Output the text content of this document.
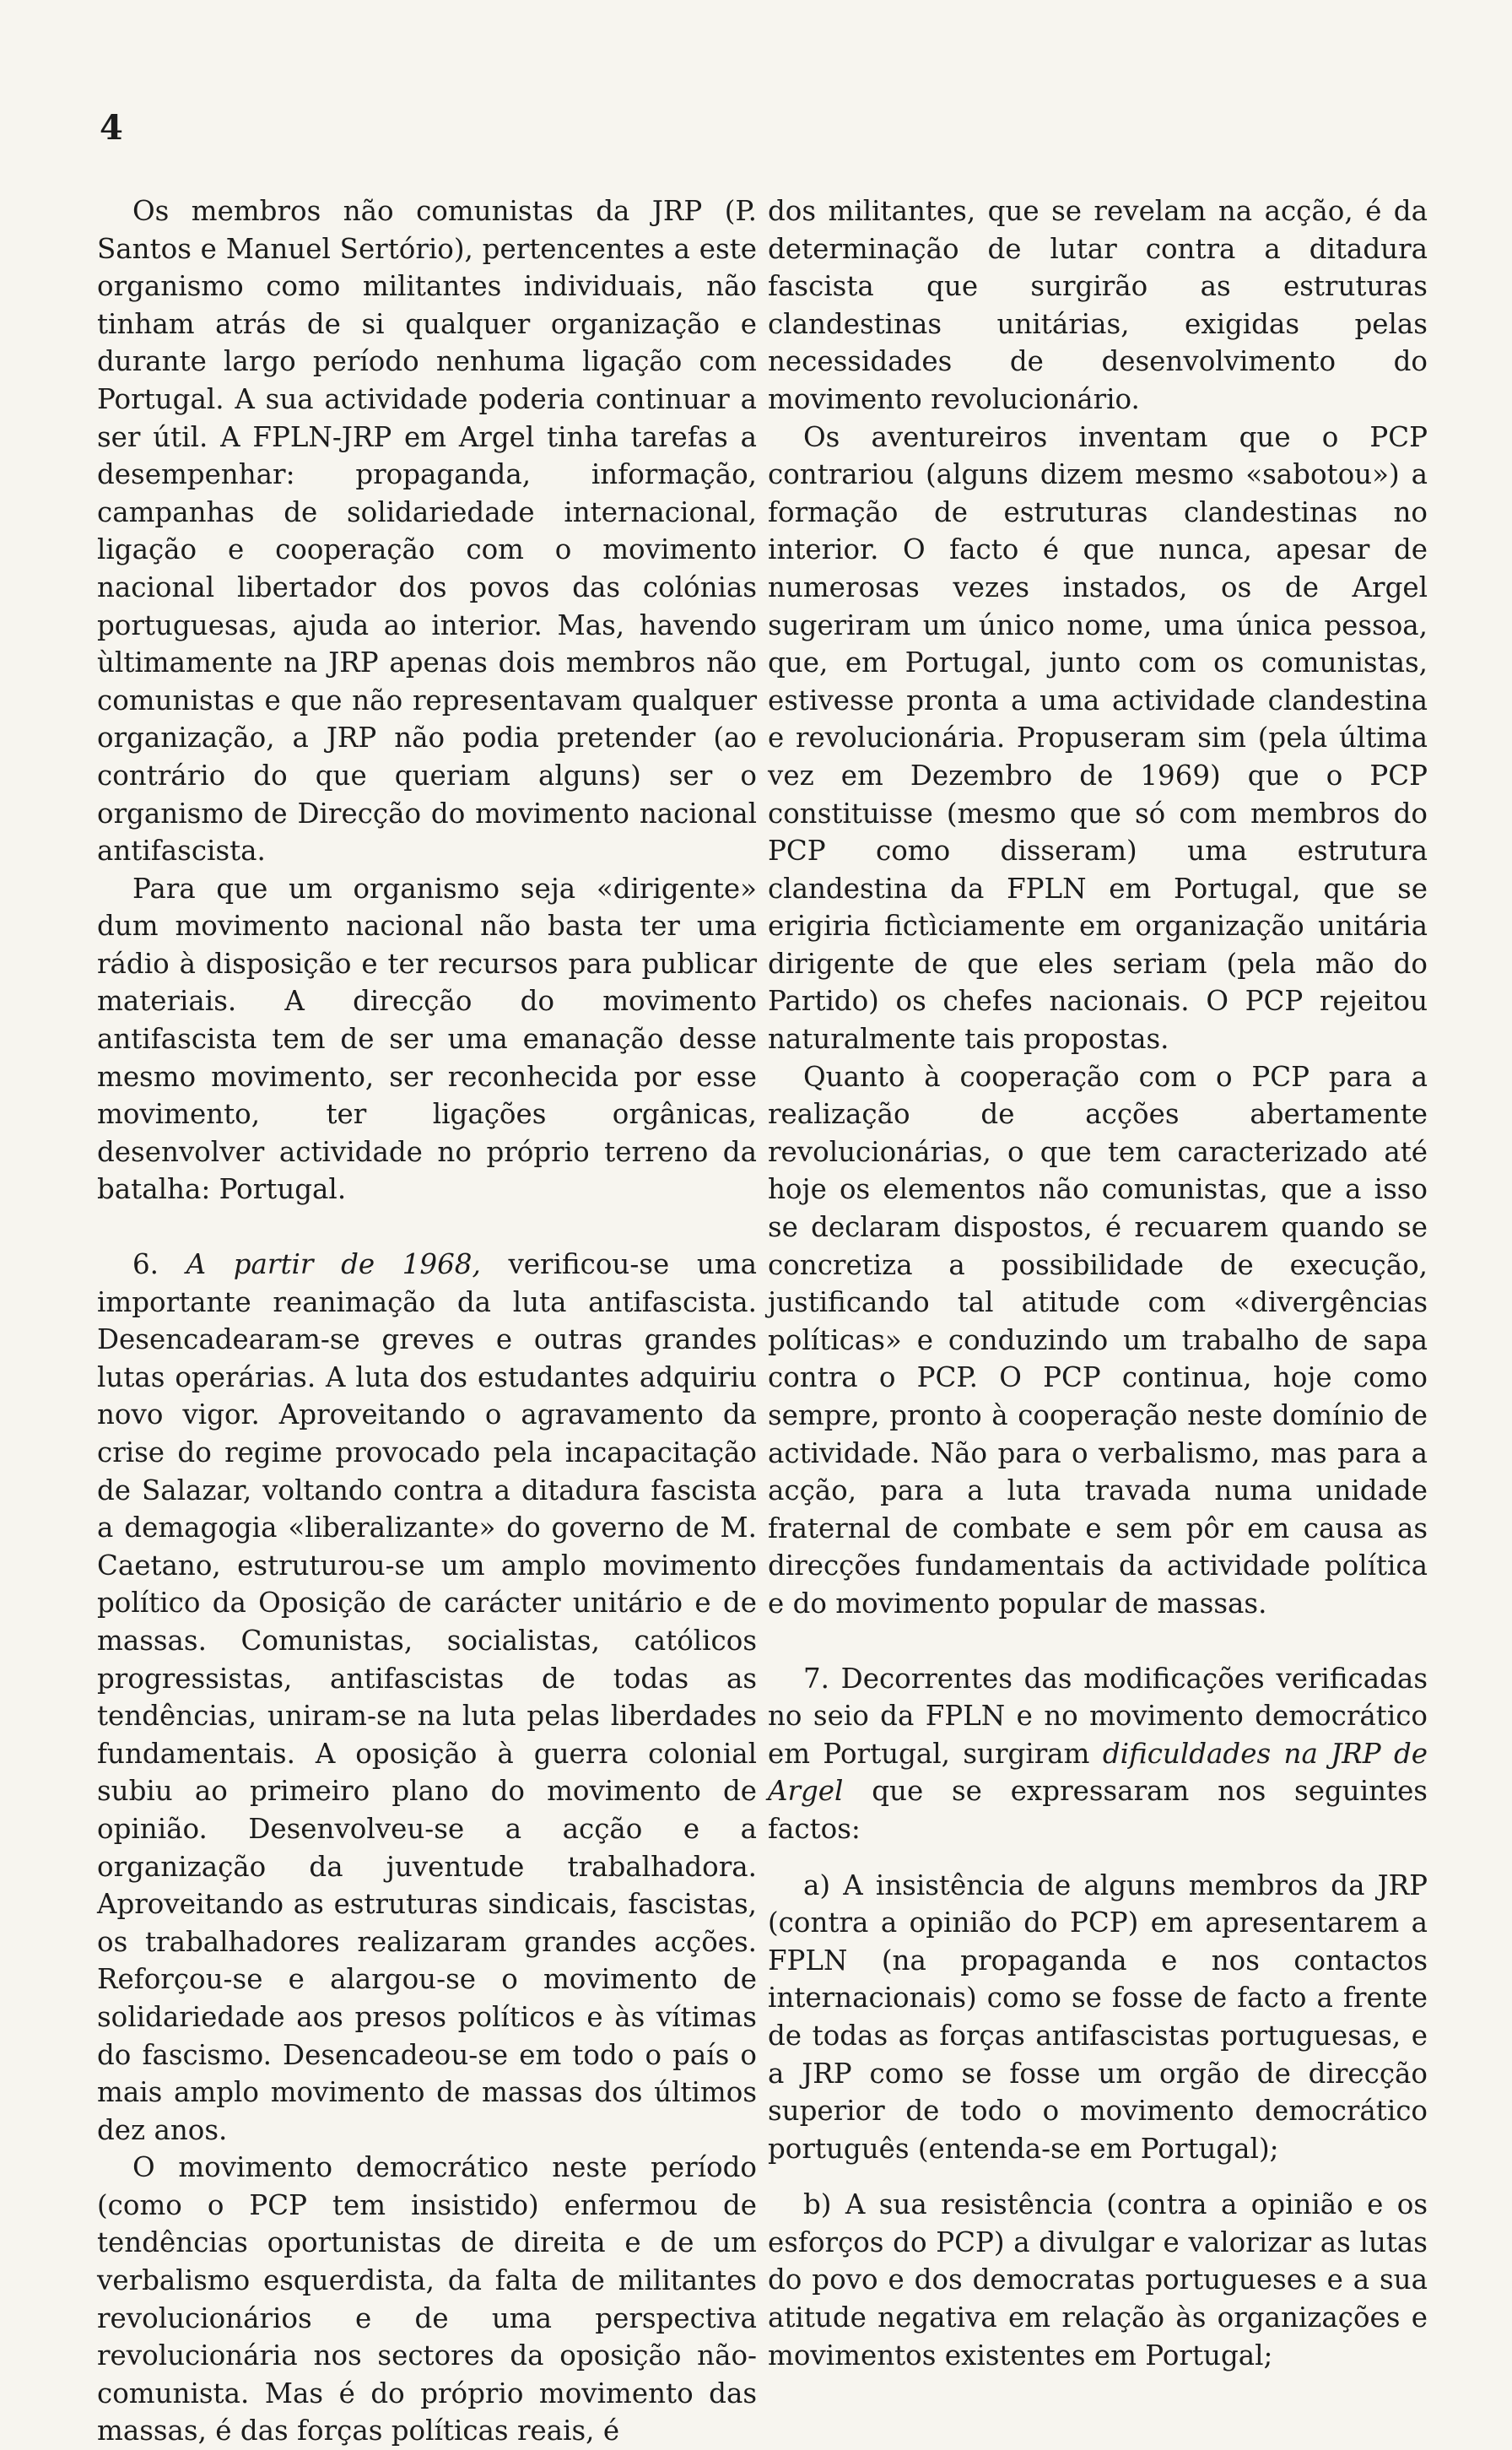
4

Os membros não comunistas da JRP (P. Santos e Manuel Sertório), pertencentes a este organismo como militantes individuais, não tinham atrás de si qualquer organização e durante largo período nenhuma ligação com Portugal. A sua actividade poderia continuar a ser útil. A FPLN-JRP em Argel tinha tarefas a desempenhar: propaganda, informação, campanhas de solidariedade internacional, ligação e cooperação com o movimento nacional libertador dos povos das colónias portuguesas, ajuda ao interior. Mas, havendo ùltimamente na JRP apenas dois membros não comunistas e que não representavam qualquer organização, a JRP não podia pretender (ao contrário do que queriam alguns) ser o organismo de Direcção do movimento nacional antifascista.

Para que um organismo seja «dirigente» dum movimento nacional não basta ter uma rádio à disposição e ter recursos para publicar materiais. A direcção do movimento antifascista tem de ser uma emanação desse mesmo movimento, ser reconhecida por esse movimento, ter ligações orgânicas, desenvolver actividade no próprio terreno da batalha: Portugal.

6. A partir de 1968, verificou-se uma importante reanimação da luta antifascista. Desencadearam-se greves e outras grandes lutas operárias. A luta dos estudantes adquiriu novo vigor. Aproveitando o agravamento da crise do regime provocado pela incapacitação de Salazar, voltando contra a ditadura fascista a demagogia «liberalizante» do governo de M. Caetano, estruturou-se um amplo movimento político da Oposição de carácter unitário e de massas. Comunistas, socialistas, católicos progressistas, antifascistas de todas as tendências, uniram-se na luta pelas liberdades fundamentais. A oposição à guerra colonial subiu ao primeiro plano do movimento de opinião. Desenvolveu-se a acção e a organização da juventude trabalhadora. Aproveitando as estruturas sindicais, fascistas, os trabalhadores realizaram grandes acções. Reforçou-se e alargou-se o movimento de solidariedade aos presos políticos e às vítimas do fascismo. Desencadeou-se em todo o país o mais amplo movimento de massas dos últimos dez anos.

O movimento democrático neste período (como o PCP tem insistido) enfermou de tendências oportunistas de direita e de um verbalismo esquerdista, da falta de militantes revolucionários e de uma perspectiva revolucionária nos sectores da oposição não-comunista. Mas é do próprio movimento das massas, é das forças políticas reais, é

dos militantes, que se revelam na acção, é da determinação de lutar contra a ditadura fascista que surgirão as estruturas clandestinas unitárias, exigidas pelas necessidades de desenvolvimento do movimento revolucionário.

Os aventureiros inventam que o PCP contrariou (alguns dizem mesmo «sabotou») a formação de estruturas clandestinas no interior. O facto é que nunca, apesar de numerosas vezes instados, os de Argel sugeriram um único nome, uma única pessoa, que, em Portugal, junto com os comunistas, estivesse pronta a uma actividade clandestina e revolucionária. Propuseram sim (pela última vez em Dezembro de 1969) que o PCP constituisse (mesmo que só com membros do PCP como disseram) uma estrutura clandestina da FPLN em Portugal, que se erigiria fictìciamente em organização unitária dirigente de que eles seriam (pela mão do Partido) os chefes nacionais. O PCP rejeitou naturalmente tais propostas.

Quanto à cooperação com o PCP para a realização de acções abertamente revolucionárias, o que tem caracterizado até hoje os elementos não comunistas, que a isso se declaram dispostos, é recuarem quando se concretiza a possibilidade de execução, justificando tal atitude com «divergências políticas» e conduzindo um trabalho de sapa contra o PCP. O PCP continua, hoje como sempre, pronto à cooperação neste domínio de actividade. Não para o verbalismo, mas para a acção, para a luta travada numa unidade fraternal de combate e sem pôr em causa as direcções fundamentais da actividade política e do movimento popular de massas.

7. Decorrentes das modificações verificadas no seio da FPLN e no movimento democrático em Portugal, surgiram dificuldades na JRP de Argel que se expressaram nos seguintes factos:

a) A insistência de alguns membros da JRP (contra a opinião do PCP) em apresentarem a FPLN (na propaganda e nos contactos internacionais) como se fosse de facto a frente de todas as forças antifascistas portuguesas, e a JRP como se fosse um orgão de direcção superior de todo o movimento democrático português (entenda-se em Portugal);

b) A sua resistência (contra a opinião e os esforços do PCP) a divulgar e valorizar as lutas do povo e dos democratas portugueses e a sua atitude negativa em relação às organizações e movimentos existentes em Portugal;
